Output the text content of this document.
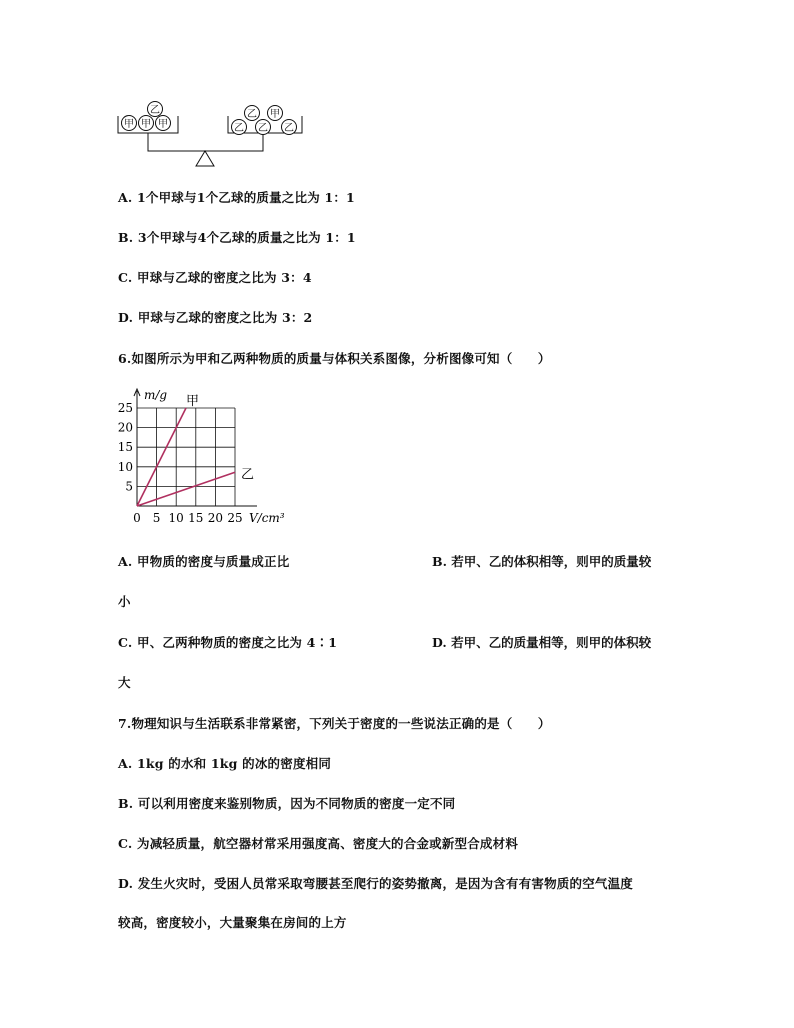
甲 甲 甲
乙	乙
乙 乙 乙
甲
A. 1个甲球与1个乙球的质量之比为 1：1
B. 3个甲球与4个乙球的质量之比为 1：1
C. 甲球与乙球的密度之比为 3：4
D. 甲球与乙球的密度之比为 3：2
6.如图所示为甲和乙两种物质的质量与体积关系图像，分析图像可知（　　）
0 5 10 15 20 25
5
10
15
20
25
m/g
V/cm³
甲
乙
A. 甲物质的密度与质量成正比	B. 若甲、乙的体积相等，则甲的质量较
小
C. 甲、乙两种物质的密度之比为 4∶1	D. 若甲、乙的质量相等，则甲的体积较
大
7.物理知识与生活联系非常紧密，下列关于密度的一些说法正确的是（　　）
A. 1kg 的水和 1kg 的冰的密度相同
B. 可以利用密度来鉴别物质，因为不同物质的密度一定不同
C. 为减轻质量，航空器材常采用强度高、密度大的合金或新型合成材料
D. 发生火灾时，受困人员常采取弯腰甚至爬行的姿势撤离，是因为含有有害物质的空气温度
较高，密度较小，大量聚集在房间的上方
